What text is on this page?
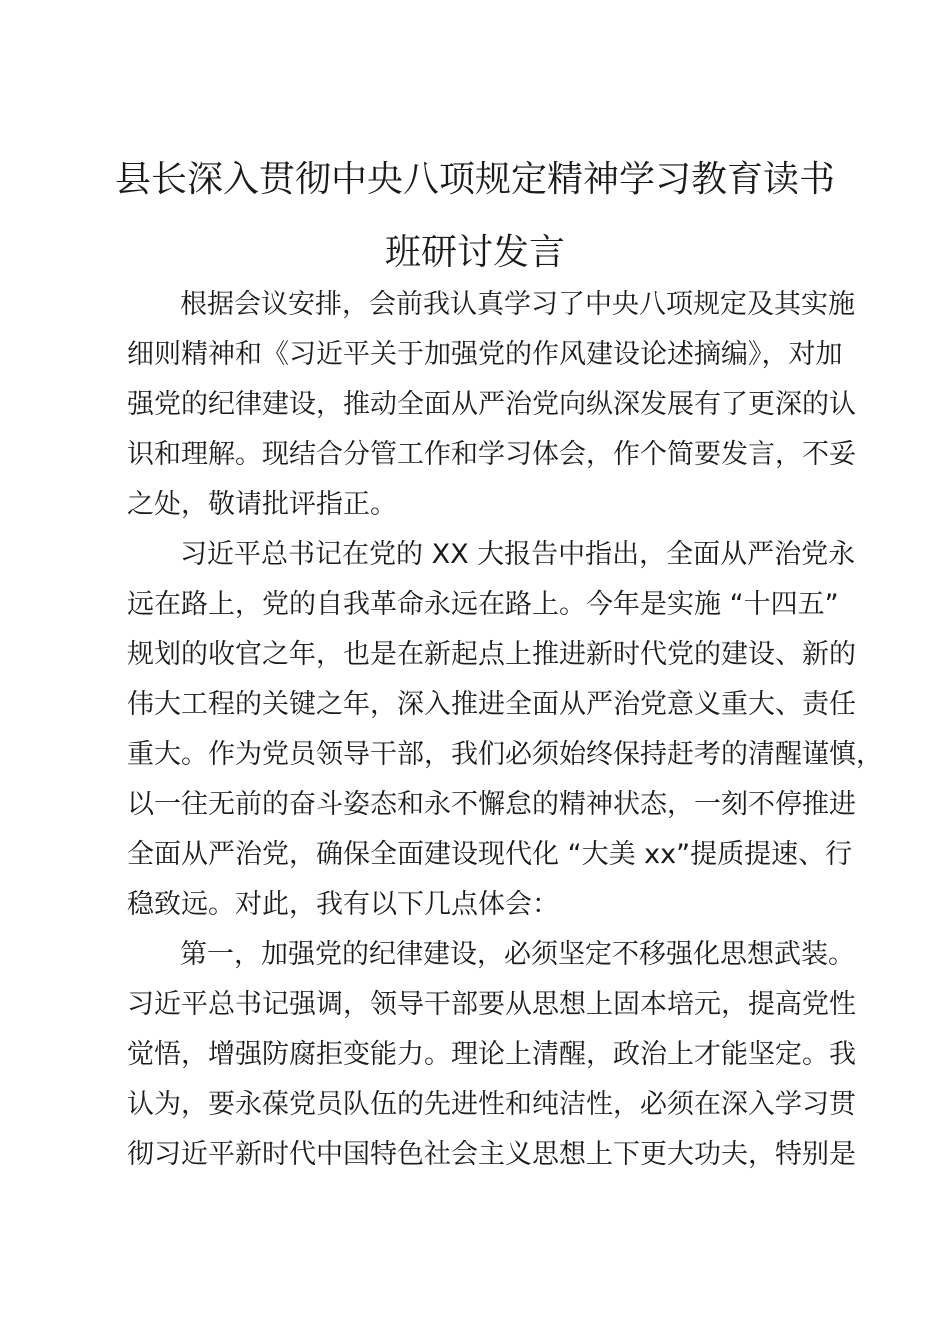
县长深入贯彻中央八项规定精神学习教育读书
班研讨发言

根据会议安排，会前我认真学习了中央八项规定及其实施

细则精神和《习近平关于加强党的作风建设论述摘编》，对加

强党的纪律建设，推动全面从严治党向纵深发展有了更深的认

识和理解。现结合分管工作和学习体会，作个简要发言，不妥

之处，敬请批评指正。

习近平总书记在党的 XX 大报告中指出，全面从严治党永

远在路上，党的自我革命永远在路上。今年是实施 “十四五”

规划的收官之年，也是在新起点上推进新时代党的建设、新的

伟大工程的关键之年，深入推进全面从严治党意义重大、责任

重大。作为党员领导干部，我们必须始终保持赶考的清醒谨慎，

以一往无前的奋斗姿态和永不懈怠的精神状态，一刻不停推进

全面从严治党，确保全面建设现代化 “大美 xx”提质提速、行

稳致远。对此，我有以下几点体会：

第一，加强党的纪律建设，必须坚定不移强化思想武装。

习近平总书记强调，领导干部要从思想上固本培元，提高党性

觉悟，增强防腐拒变能力。理论上清醒，政治上才能坚定。我

认为，要永葆党员队伍的先进性和纯洁性，必须在深入学习贯

彻习近平新时代中国特色社会主义思想上下更大功夫，特别是
